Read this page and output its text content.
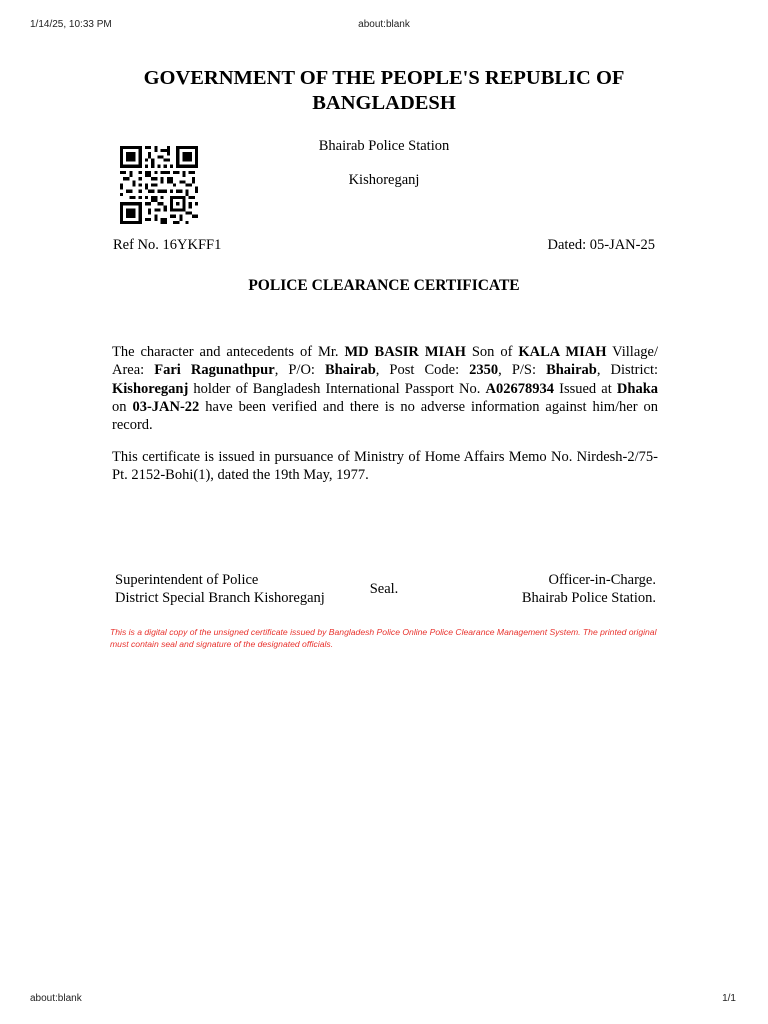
1/14/25, 10:33 PM	about:blank
GOVERNMENT OF THE PEOPLE'S REPUBLIC OF BANGLADESH
Bhairab Police Station
Kishoreganj
Ref No. 16YKFF1	Dated: 05-JAN-25
POLICE CLEARANCE CERTIFICATE
The character and antecedents of Mr. MD BASIR MIAH Son of KALA MIAH Village/ Area: Fari Ragunathpur, P/O: Bhairab, Post Code: 2350, P/S: Bhairab, District: Kishoreganj holder of Bangladesh International Passport No. A02678934 Issued at Dhaka on 03-JAN-22 have been verified and there is no adverse information against him/her on record.
This certificate is issued in pursuance of Ministry of Home Affairs Memo No. Nirdesh-2/75-Pt. 2152-Bohi(1), dated the 19th May, 1977.
Superintendent of Police
District Special Branch Kishoreganj
Seal.
Officer-in-Charge.
Bhairab Police Station.
This is a digital copy of the unsigned certificate issued by Bangladesh Police Online Police Clearance Management System. The printed original must contain seal and signature of the designated officials.
about:blank	1/1
